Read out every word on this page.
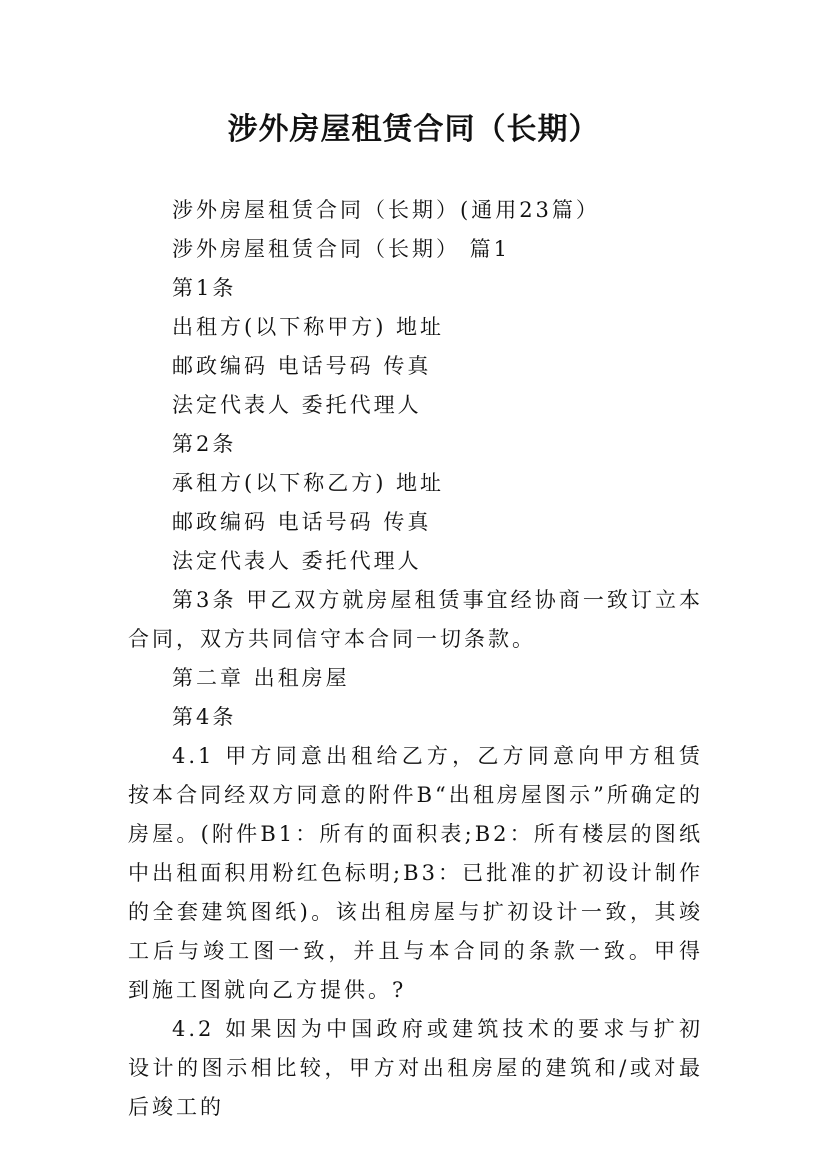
涉外房屋租赁合同（长期）

涉外房屋租赁合同（长期）(通用23篇）

涉外房屋租赁合同（长期） 篇1

第1条

出租方(以下称甲方) 地址

邮政编码 电话号码 传真

法定代表人 委托代理人

第2条

承租方(以下称乙方) 地址

邮政编码 电话号码 传真

法定代表人 委托代理人

第3条 甲乙双方就房屋租赁事宜经协商一致订立本合同，双方共同信守本合同一切条款。

第二章 出租房屋

第4条

4.1 甲方同意出租给乙方，乙方同意向甲方租赁按本合同经双方同意的附件B“出租房屋图示”所确定的房屋。(附件B1：所有的面积表;B2：所有楼层的图纸中出租面积用粉红色标明;B3：已批准的扩初设计制作的全套建筑图纸)。该出租房屋与扩初设计一致，其竣工后与竣工图一致，并且与本合同的条款一致。甲得到施工图就向乙方提供。?

4.2 如果因为中国政府或建筑技术的要求与扩初设计的图示相比较，甲方对出租房屋的建筑和/或对最后竣工的
